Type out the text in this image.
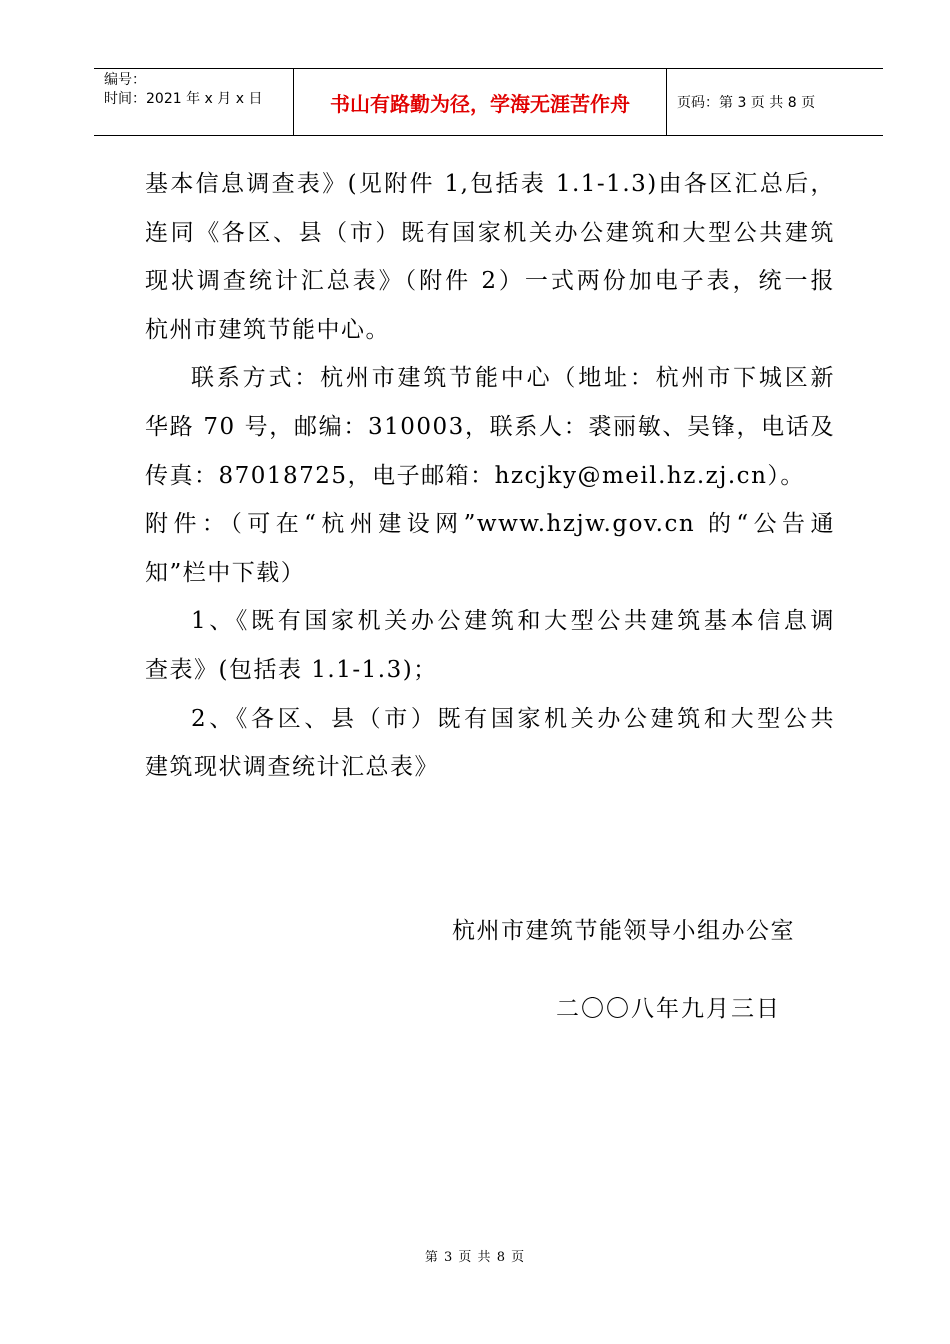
编号：
时间：2021 年 x 月 x 日	书山有路勤为径，学海无涯苦作舟	页码：第 3 页 共 8 页
基本信息调查表》(见附件 1,包括表 1.1-1.3)由各区汇总后，
连同《各区、县（市）既有国家机关办公建筑和大型公共建筑
现状调查统计汇总表》（附件 2）一式两份加电子表，统一报
杭州市建筑节能中心。
联系方式：杭州市建筑节能中心（地址：杭州市下城区新
华路 70 号，邮编：310003，联系人：裘丽敏、吴锋，电话及
传真：87018725，电子邮箱：hzcjky@meil.hz.zj.cn）。
附件：（可在“杭州建设网”www.hzjw.gov.cn 的“公告通
知”栏中下载）
1、《既有国家机关办公建筑和大型公共建筑基本信息调
查表》(包括表 1.1-1.3)；
2、《各区、县（市）既有国家机关办公建筑和大型公共
建筑现状调查统计汇总表》
杭州市建筑节能领导小组办公室
二〇〇八年九月三日
第 3 页 共 8 页
